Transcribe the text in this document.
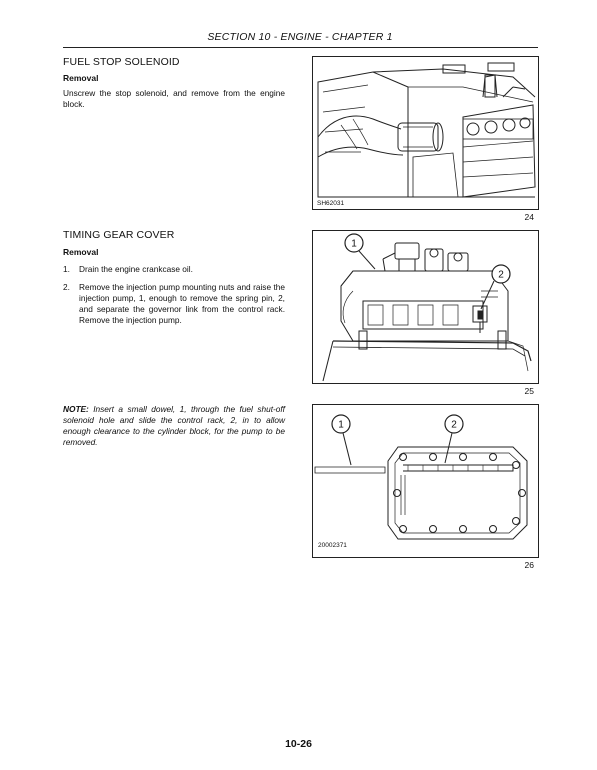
SECTION 10 - ENGINE - CHAPTER 1
FUEL STOP SOLENOID
Removal
Unscrew the stop solenoid, and remove from the engine block.
SH62031
24
TIMING GEAR COVER
Removal
1. Drain the engine crankcase oil.
2. Remove the injection pump mounting nuts and raise the injection pump, 1, enough to remove the spring pin, 2, and separate the governor link from the control rack. Remove the injection pump.
1
2
25
NOTE: Insert a small dowel, 1, through the fuel shut-off solenoid hole and slide the control rack, 2, in to allow enough clearance to the cylinder block, for the pump to be removed.
1	2
20002371
26
10-26
